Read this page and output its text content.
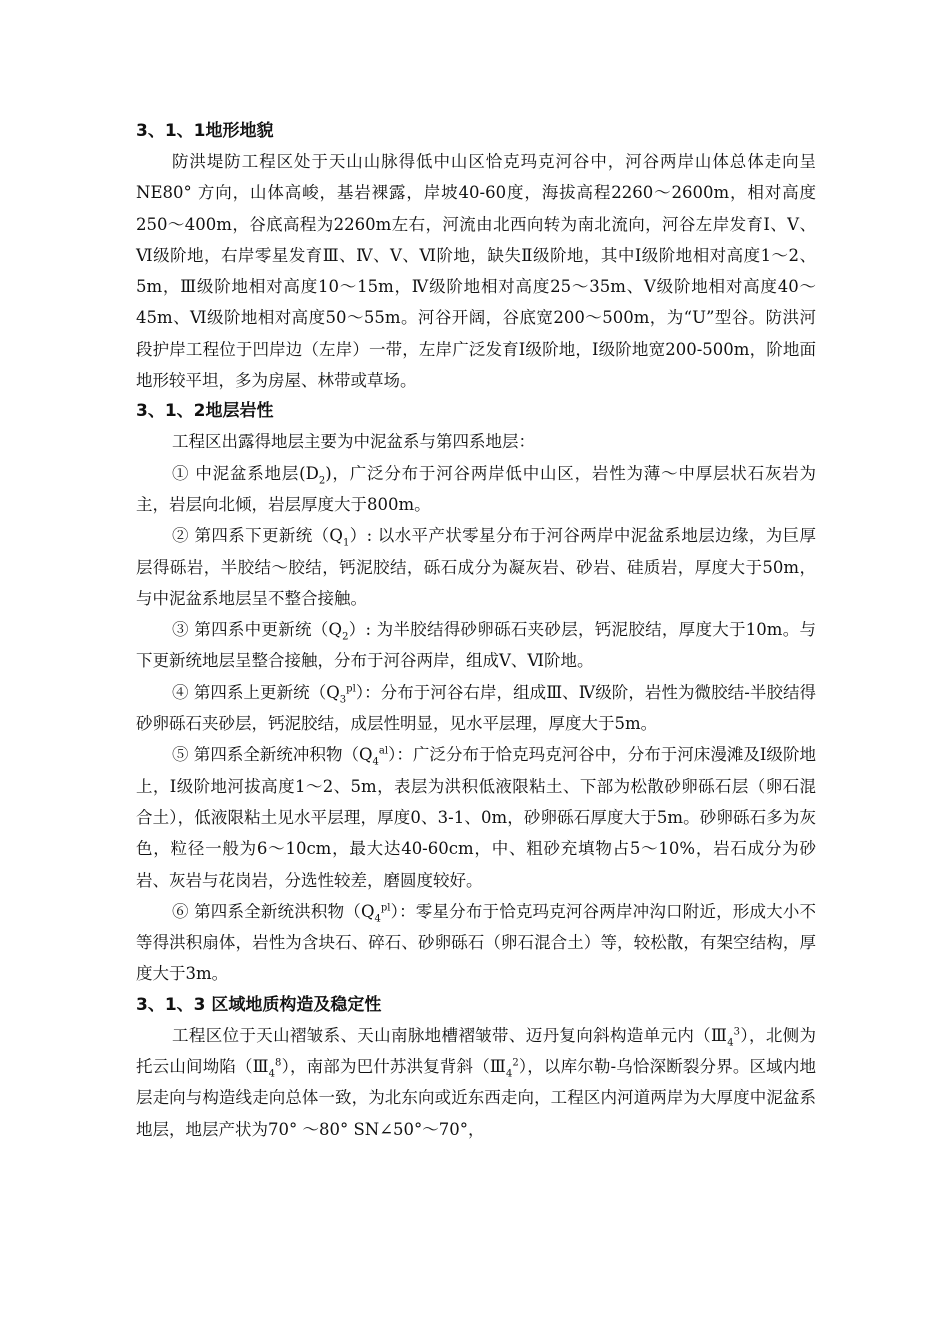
3、1、1地形地貌

防洪堤防工程区处于天山山脉得低中山区恰克玛克河谷中，河谷两岸山体总体走向呈NE80° 方向，山体高峻，基岩裸露，岸坡40-60度，海拔高程2260～2600m，相对高度250～400m，谷底高程为2260m左右，河流由北西向转为南北流向，河谷左岸发育Ⅰ、Ⅴ、Ⅵ级阶地，右岸零星发育Ⅲ、Ⅳ、Ⅴ、Ⅵ阶地，缺失Ⅱ级阶地，其中Ⅰ级阶地相对高度1～2、5m，Ⅲ级阶地相对高度10～15m，Ⅳ级阶地相对高度25～35m、Ⅴ级阶地相对高度40～45m、Ⅵ级阶地相对高度50～55m。河谷开阔，谷底宽200～500m，为“U”型谷。防洪河段护岸工程位于凹岸边（左岸）一带，左岸广泛发育Ⅰ级阶地，Ⅰ级阶地宽200-500m，阶地面地形较平坦，多为房屋、林带或草场。

3、1、2地层岩性

工程区出露得地层主要为中泥盆系与第四系地层：

① 中泥盆系地层$(D_2)$，广泛分布于河谷两岸低中山区，岩性为薄～中厚层状石灰岩为主，岩层向北倾，岩层厚度大于800m。

② 第四系下更新统$(Q_1)$: 以水平产状零星分布于河谷两岸中泥盆系地层边缘，为巨厚层得砾岩，半胶结～胶结，钙泥胶结，砾石成分为凝灰岩、砂岩、硅质岩，厚度大于50m，与中泥盆系地层呈不整合接触。

③ 第四系中更新统$(Q_2)$: 为半胶结得砂卵砾石夹砂层，钙泥胶结，厚度大于10m。与下更新统地层呈整合接触，分布于河谷两岸，组成Ⅴ、Ⅵ阶地。

④ 第四系上更新统$(Q_3^{pl})$：分布于河谷右岸，组成Ⅲ、Ⅳ级阶，岩性为微胶结-半胶结得砂卵砾石夹砂层，钙泥胶结，成层性明显，见水平层理，厚度大于5m。

⑤ 第四系全新统冲积物$(Q_4^{al})$：广泛分布于恰克玛克河谷中，分布于河床漫滩及Ⅰ级阶地上，Ⅰ级阶地河拔高度1～2、5m，表层为洪积低液限粘土、下部为松散砂卵砾石层（卵石混合土），低液限粘土见水平层理，厚度0、3-1、0m，砂卵砾石厚度大于5m。砂卵砾石多为灰色，粒径一般为6～10cm，最大达40-60cm，中、粗砂充填物占5～10%，岩石成分为砂岩、灰岩与花岗岩，分选性较差，磨圆度较好。

⑥ 第四系全新统洪积物$(Q_4^{pl})$：零星分布于恰克玛克河谷两岸冲沟口附近，形成大小不等得洪积扇体，岩性为含块石、碎石、砂卵砾石（卵石混合土）等，较松散，有架空结构，厚度大于3m。

3、1、3 区域地质构造及稳定性

工程区位于天山褶皱系、天山南脉地槽褶皱带、迈丹复向斜构造单元内$(Ⅲ_4^3)$，北侧为托云山间坳陷$(Ⅲ_4^8)$，南部为巴什苏洪复背斜$(Ⅲ_4^2)$，以库尔勒-乌恰深断裂分界。区域内地层走向与构造线走向总体一致，为北东向或近东西走向，工程区内河道两岸为大厚度中泥盆系地层，地层产状为70° ～80° SN∠50°～70°，
